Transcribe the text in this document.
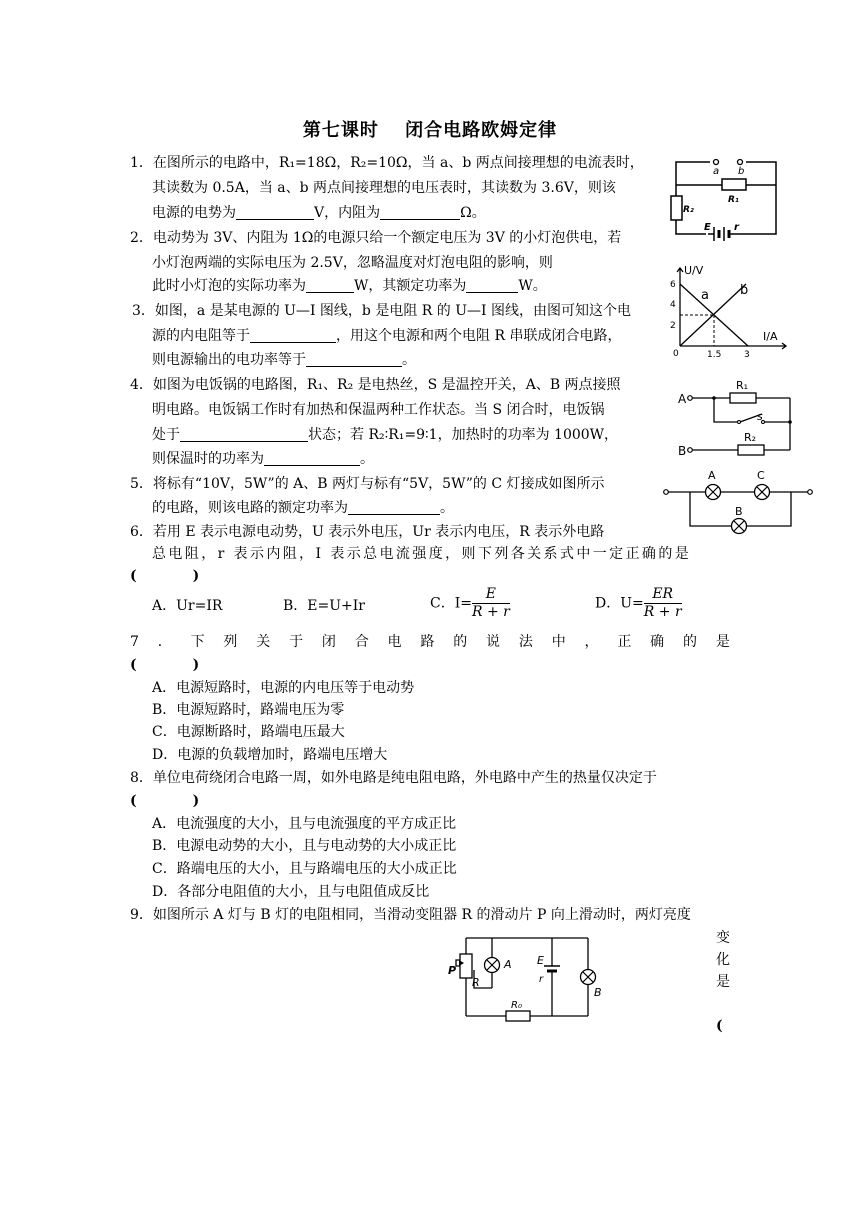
第七课时　 闭合电路欧姆定律
1．在图所示的电路中，R₁=18Ω，R₂=10Ω，当 a、b 两点间接理想的电流表时，
其读数为 0.5A，当 a、b 两点间接理想的电压表时，其读数为 3.6V，则该
电源的电势为	V，内阻为	Ω。
2．电动势为 3V、内阻为 1Ω的电源只给一个额定电压为 3V 的小灯泡供电，若
小灯泡两端的实际电压为 2.5V，忽略温度对灯泡电阻的影响，则
此时小灯泡的实际功率为	W，其额定功率为	W。
3．如图，a 是某电源的 U—I 图线，b 是电阻 R 的 U—I 图线，由图可知这个电
源的内电阻等于	，用这个电源和两个电阻 R 串联成闭合电路，
则电源输出的电功率等于	。
4．如图为电饭锅的电路图，R₁、R₂ 是电热丝，S 是温控开关，A、B 两点接照
明电路。电饭锅工作时有加热和保温两种工作状态。当 S 闭合时，电饭锅
处于	状态；若 R₂∶R₁=9∶1，加热时的功率为 1000W，
则保温时的功率为	。
5．将标有“10V，5W”的 A、B 两灯与标有“5V，5W”的 C 灯接成如图所示
的电路，则该电路的额定功率为	。
6．若用 E 表示电源电动势，U 表示外电压，Ur 表示内电压，R 表示外电路
总电阻，r 表示内阻，I 表示总电流强度，则下列各关系式中一定正确的是
(　　　　)
A．Ur=IR	B．E=U+Ir	C．$I= \frac{E}{R + r}$	D．$U= \frac{ER}{R + r}$
7 ． 下 列 关 于 闭 合 电 路 的 说 法 中 ， 正 确 的 是
(　　　　)
A．电源短路时，电源的内电压等于电动势
B．电源短路时，路端电压为零
C．电源断路时，路端电压最大
D．电源的负载增加时，路端电压增大
8．单位电荷绕闭合电路一周，如外电路是纯电阻电路，外电路中产生的热量仅决定于
(　　　　)
A．电流强度的大小，且与电流强度的平方成正比
B．电源电动势的大小，且与电动势的大小成正比
C．路端电压的大小，且与路端电压的大小成正比
D．各部分电阻值的大小，且与电阻值成反比
9．如图所示 A 灯与 B 灯的电阻相同，当滑动变阻器 R 的滑动片 P 向上滑动时，两灯亮度
变
化
是
(
a b
R₁
R₂
E r
U/V
I/A
6
4
2
0	1.5	3
a b
A
B
R₁
R₂
s
A	C
B
P
R
A E
r
B
R₀
